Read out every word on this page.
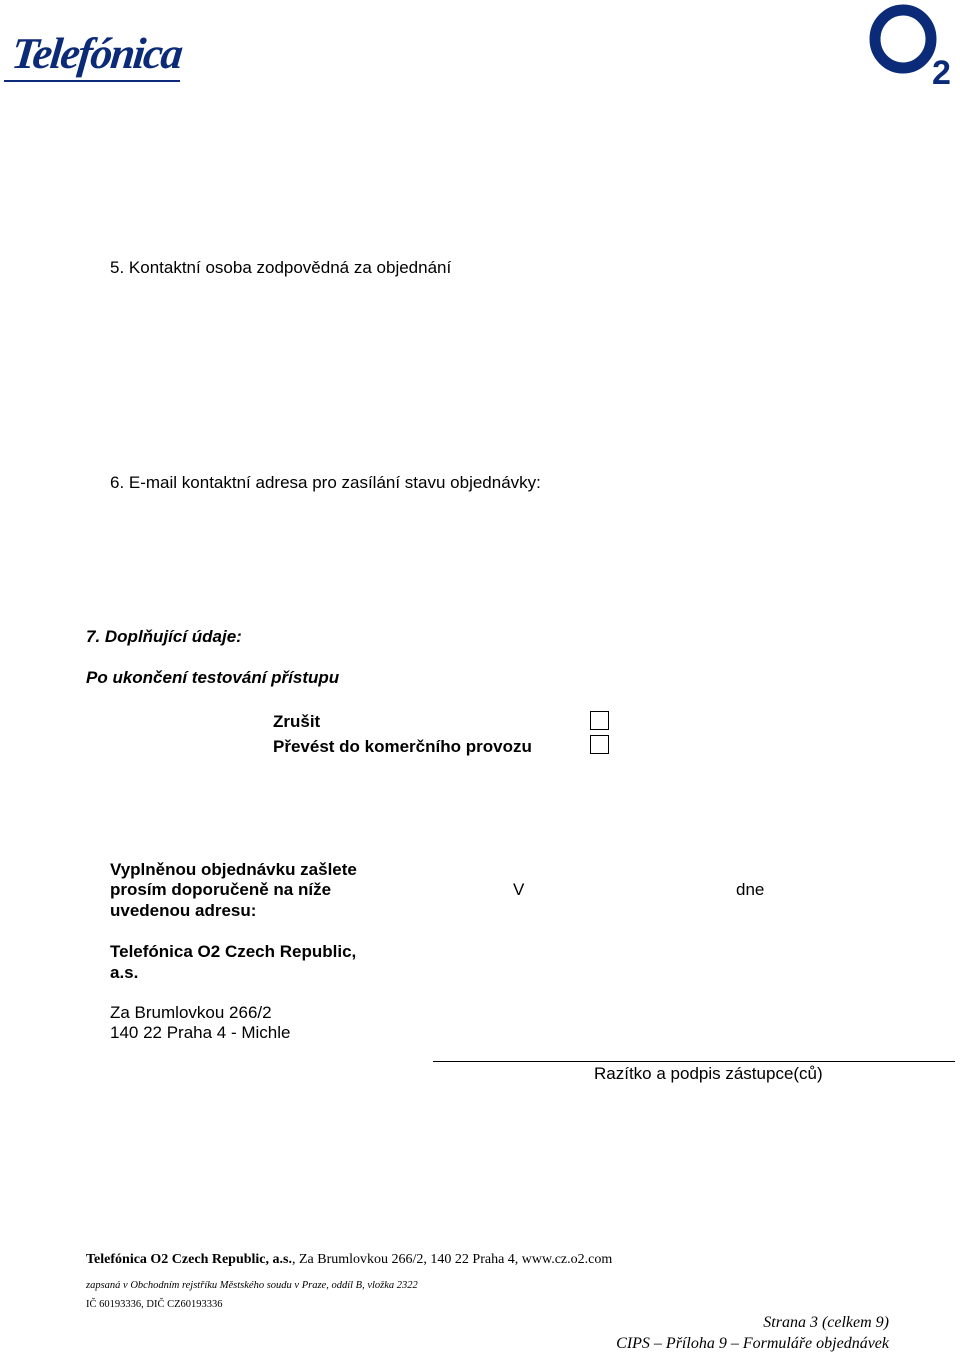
Telefónica	2
5. Kontaktní osoba zodpovědná za objednání
6. E-mail kontaktní adresa pro zasílání stavu objednávky:
7. Doplňující údaje:
Po ukončení testování přístupu
Zrušit
Převést do komerčního provozu
Vyplněnou objednávku zašlete
prosím doporučeně na níže
uvedenou adresu:
Telefónica O2 Czech Republic,
a.s.
Za Brumlovkou 266/2
140 22 Praha 4 - Michle
V	dne
Razítko a podpis zástupce(ců)
Telefónica O2 Czech Republic, a.s., Za Brumlovkou 266/2, 140 22 Praha 4, www.cz.o2.com
zapsaná v Obchodním rejstříku Městského soudu v Praze, oddíl B, vložka 2322
IČ 60193336, DIČ CZ60193336
Strana 3 (celkem 9)
CIPS – Příloha 9 – Formuláře objednávek
